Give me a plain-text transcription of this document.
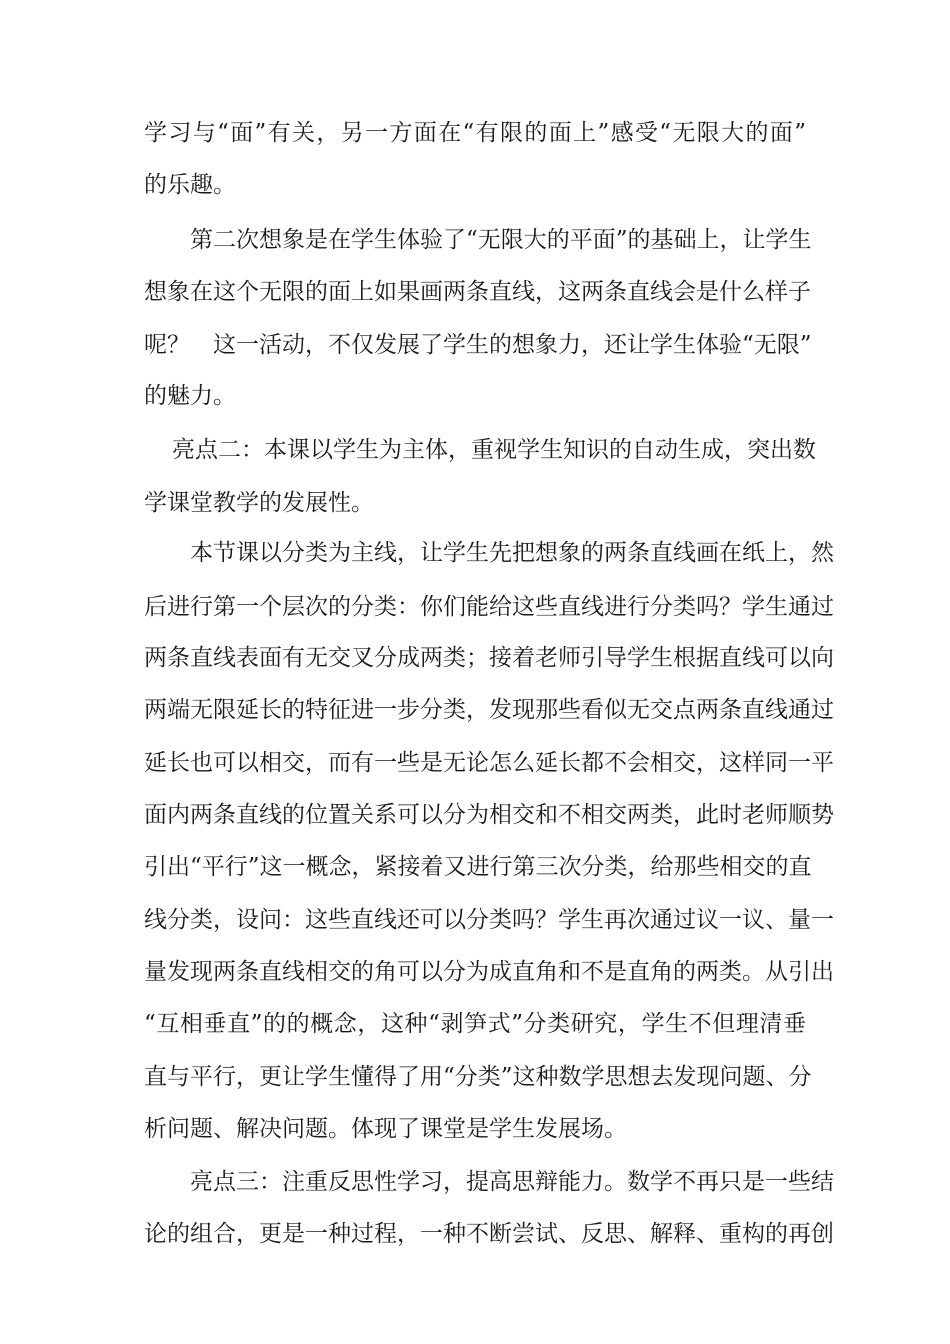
学习与“面”有关，另一方面在“有限的面上”感受“无限大的面”
的乐趣。
第二次想象是在学生体验了“无限大的平面”的基础上，让学生
想象在这个无限的面上如果画两条直线，这两条直线会是什么样子
呢？　这一活动，不仅发展了学生的想象力，还让学生体验“无限”
的魅力。
亮点二：本课以学生为主体，重视学生知识的自动生成，突出数
学课堂教学的发展性。
本节课以分类为主线，让学生先把想象的两条直线画在纸上，然
后进行第一个层次的分类：你们能给这些直线进行分类吗？学生通过
两条直线表面有无交叉分成两类；接着老师引导学生根据直线可以向
两端无限延长的特征进一步分类，发现那些看似无交点两条直线通过
延长也可以相交，而有一些是无论怎么延长都不会相交，这样同一平
面内两条直线的位置关系可以分为相交和不相交两类，此时老师顺势
引出“平行”这一概念，紧接着又进行第三次分类，给那些相交的直
线分类，设问：这些直线还可以分类吗？学生再次通过议一议、量一
量发现两条直线相交的角可以分为成直角和不是直角的两类。从引出
“互相垂直”的的概念，这种“剥笋式”分类研究，学生不但理清垂
直与平行，更让学生懂得了用“分类”这种数学思想去发现问题、分
析问题、解决问题。体现了课堂是学生发展场。
亮点三：注重反思性学习，提高思辩能力。数学不再只是一些结
论的组合，更是一种过程，一种不断尝试、反思、解释、重构的再创
